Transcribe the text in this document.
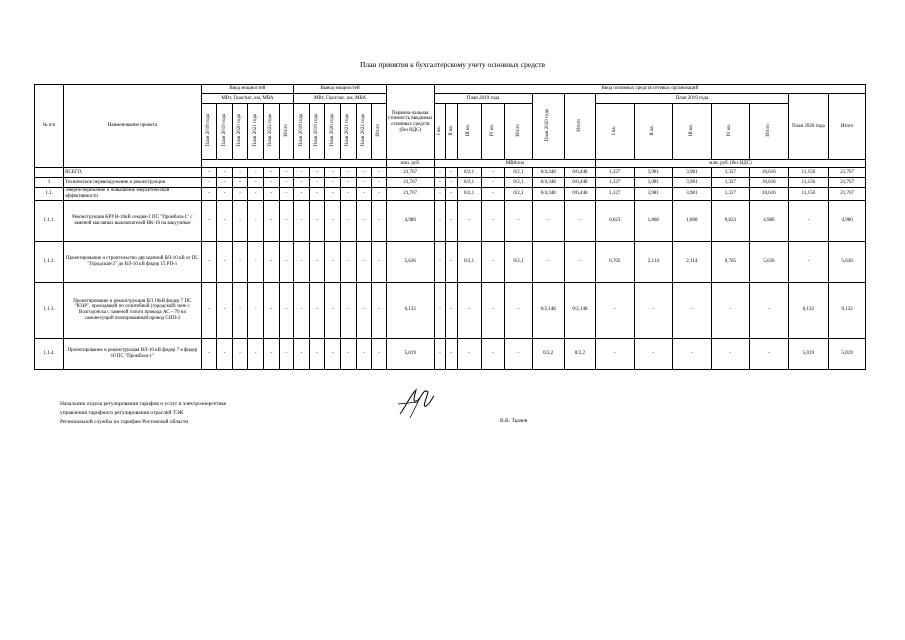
План принятия к бухгалтерскому учету основных средств
№ п/п	Наименование проекта	Ввод мощностей						Вывод мощностей						Первона-чальная стоимость вводимых основных средств (без НДС)	Ввод основных средств сетевых организаций													
		МВт, Гкал/час, км, МВА						МВт, Гкал/час, км, МВА							План 2019 года					План 2020 года	Итого	План 2019 года					План 2020 года	Итого
		План 2018 года	План 2019 года	План 2020 года	План 2021 года	План 2022 года	Итого	План 2018 года	План 2019 года	План 2020 года	План 2021 года	План 2022 года	Итого		I кв.	II кв.	III кв.	IV кв.	Итого			I кв.	II кв.	III кв.	IV кв.	Итого		
														млн. руб.	МВА/км							млн. руб. (без НДС)						
	ВСЕГО,	-	-	-	-	-	-	-	-	-	-	-	-	21,767	-	-	0/2,1	-	0/2,1	0/4,348	0/6,448	1,327	3,981	3,981	1,327	10,616	11,150	21,767
I	Техническое перевооружение и реконструкция	-	-	-	-	-	-	-	-	-	-	-	-	21,767	-	-	0/2,1	-	0/2,1	0/4,348	0/6,448	1,327	3,981	3,981	1,327	10,616	11,150	21,767
1.1.	Энергосбережение и повышение энергетической эффективности	-	-	-	-	-	-	-	-	-	-	-	-	21,767	-	-	0/2,1	-	0/2,1	0/4,348	0/6,448	1,327	3,981	3,981	1,327	10,616	11,150	21,767
1.1.1.	Реконструкция КРУН-10кВ секция-1 ПС "Промбаза-1" с заменой масляных выключателей ВК-10 на вакуумные	-	-	-	-	-	-	-	-	-	-	-	-	4,980	-	-	-	-	-	-	-	0,623	1,868	1,868	0,623	4,980	-	4,980
1.1.2.	Проектирование и строительство двухцепной ВЛ-10 кВ от ПС "Городская-2" до ВЛ-10 кВ фидер 15 РП-1	-	-	-	-	-	-	-	-	-	-	-	-	5,636	-	-	0/2,1	-	0/2,1	-	-	0,705	2,114	2,114	0,705	5,636	-	5,636
1.1.3.	Проектирование и реконструкция ВЛ 10кВ фидер 7 ПС "ЮЗР", проходящей по селитебной (городской) зоне г. Волгодонска с заменой голого провода АС – 70 на самонесущий изолированный провод СИП-3	-	-	-	-	-	-	-	-	-	-	-	-	6,132	-	-	-	-	-	0/2,148	0/2,148	-	-	-	-	-	6,132	6,132
1.1.4.	Проектирование и реконструкция ВЛ-10 кВ фидер 7 в фидер 10 ПС "Промбаза-1"	-	-	-	-	-	-	-	-	-	-	-	-	5,019	-	-	-	-	-	0/2,2	0/2,2	-	-	-	-	-	5,019	5,019
Начальник отдела регулирования тарифов и услуг в электроэнергетике
управления тарифного регулирования отраслей ТЭК
Региональной службы по тарифам Ростовской области	В.В. Ткачев
